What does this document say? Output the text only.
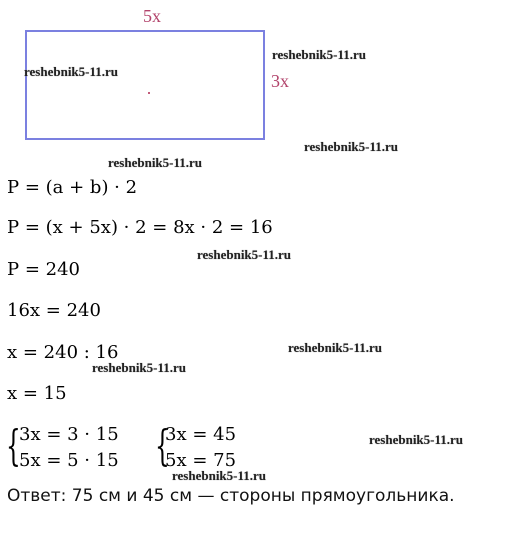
5x
3x
P = (a + b) · 2
P = (x + 5x) · 2 = 8x · 2 = 16
P = 240
16x = 240
x = 240 : 16
x = 15
{
3x = 3 · 15
5x = 5 · 15 {
3x = 45
5x = 75
Ответ: 75 см и 45 см — стороны прямоугольника.
reshebnik5-11.ru
reshebnik5-11.ru
reshebnik5-11.ru
reshebnik5-11.ru
reshebnik5-11.ru
reshebnik5-11.ru
reshebnik5-11.ru
reshebnik5-11.ru
reshebnik5-11.ru
